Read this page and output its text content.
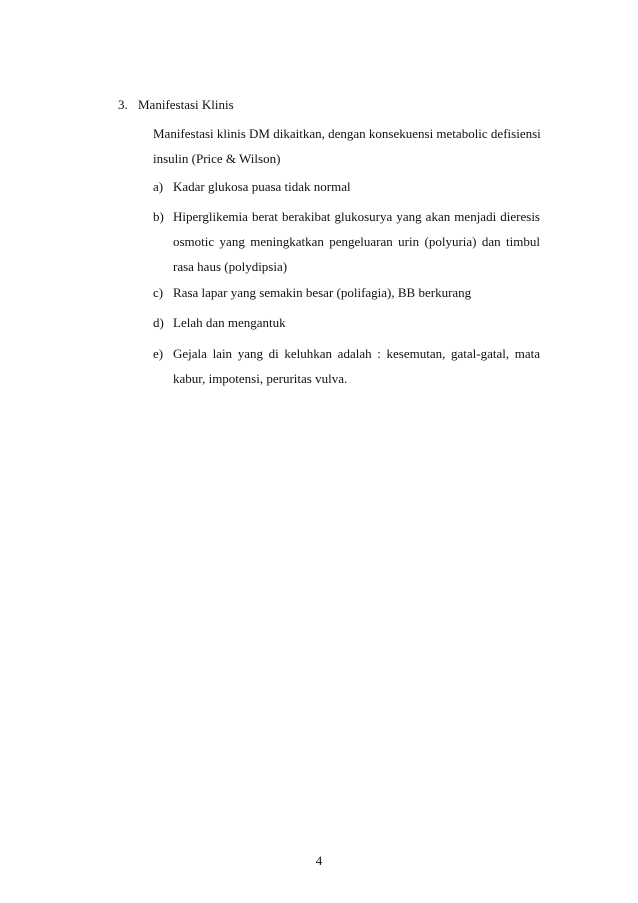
3. Manifestasi Klinis
Manifestasi klinis DM dikaitkan, dengan konsekuensi metabolic defisiensi
insulin (Price & Wilson)
a) Kadar glukosa puasa tidak normal
b) Hiperglikemia berat berakibat glukosurya yang akan menjadi dieresis
osmotic yang meningkatkan pengeluaran urin (polyuria) dan timbul
rasa haus (polydipsia)
c) Rasa lapar yang semakin besar (polifagia), BB berkurang
d) Lelah dan mengantuk
e) Gejala lain yang di keluhkan adalah : kesemutan, gatal-gatal, mata
kabur, impotensi, peruritas vulva.
4
